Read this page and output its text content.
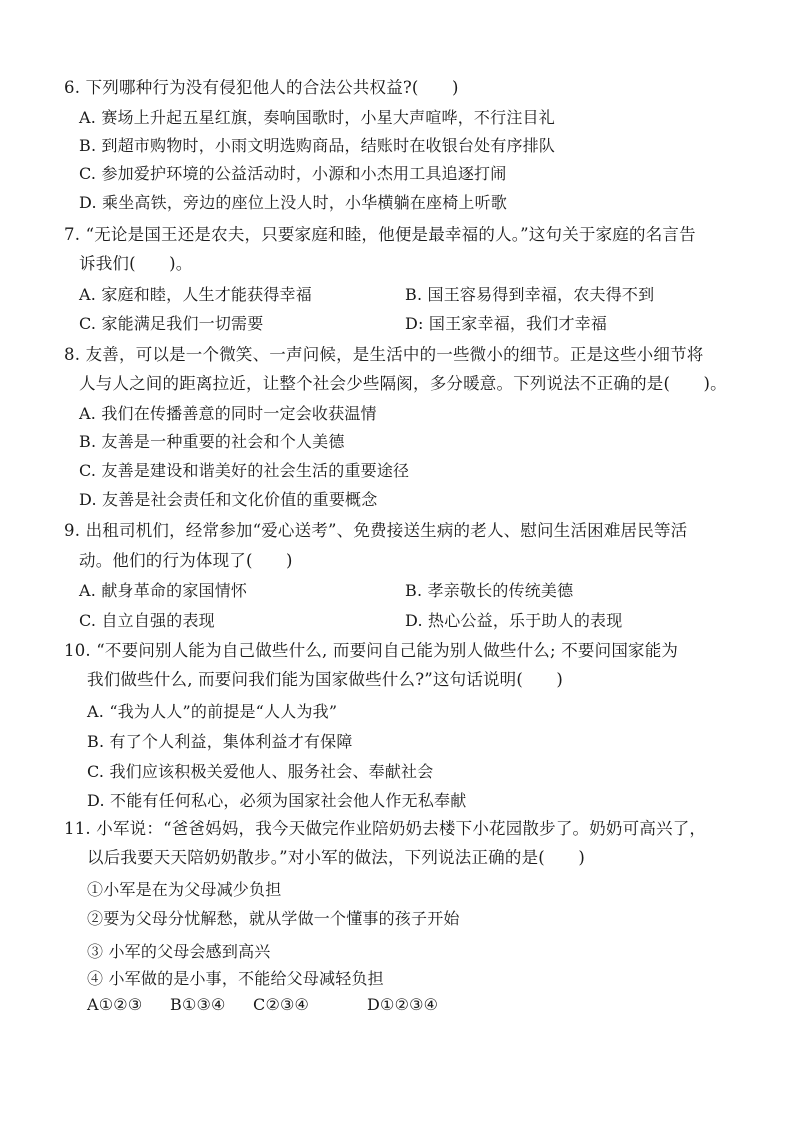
6. 下列哪种行为没有侵犯他人的合法公共权益?(　　)
A. 赛场上升起五星红旗，奏响国歌时，小星大声喧哗，不行注目礼
B. 到超市购物时，小雨文明选购商品，结账时在收银台处有序排队
C. 参加爱护环境的公益活动时，小源和小杰用工具追逐打闹
D. 乘坐高铁，旁边的座位上没人时，小华横躺在座椅上听歌
7. “无论是国王还是农夫，只要家庭和睦，他便是最幸福的人。”这句关于家庭的名言告
诉我们(　　)。
A. 家庭和睦，人生才能获得幸福	B. 国王容易得到幸福，农夫得不到
C. 家能满足我们一切需要	D: 国王家幸福，我们才幸福
8. 友善，可以是一个微笑、一声问候，是生活中的一些微小的细节。正是这些小细节将
人与人之间的距离拉近，让整个社会少些隔阂，多分暖意。下列说法不正确的是(　　)。
A. 我们在传播善意的同时一定会收获温情
B. 友善是一种重要的社会和个人美德
C. 友善是建设和谐美好的社会生活的重要途径
D. 友善是社会责任和文化价值的重要概念
9. 出租司机们，经常参加“爱心送考”、免费接送生病的老人、慰问生活困难居民等活
动。他们的行为体现了(　　)
A. 献身革命的家国情怀	B. 孝亲敬长的传统美德
C. 自立自强的表现	D. 热心公益，乐于助人的表现
10. “不要问别人能为自己做些什么, 而要问自己能为别人做些什么; 不要问国家能为
我们做些什么, 而要问我们能为国家做些什么?”这句话说明(　　)
A. “我为人人”的前提是“人人为我”
B. 有了个人利益，集体利益才有保障
C. 我们应该积极关爱他人、服务社会、奉献社会
D. 不能有任何私心，必须为国家社会他人作无私奉献
11. 小军说：“爸爸妈妈，我今天做完作业陪奶奶去楼下小花园散步了。奶奶可高兴了，
以后我要天天陪奶奶散步。”对小军的做法，下列说法正确的是(　　)
①小军是在为父母减少负担
②要为父母分忧解愁，就从学做一个懂事的孩子开始
③ 小军的父母会感到高兴
④ 小军做的是小事，不能给父母减轻负担
A①②③ B①③④ C②③④	D①②③④
